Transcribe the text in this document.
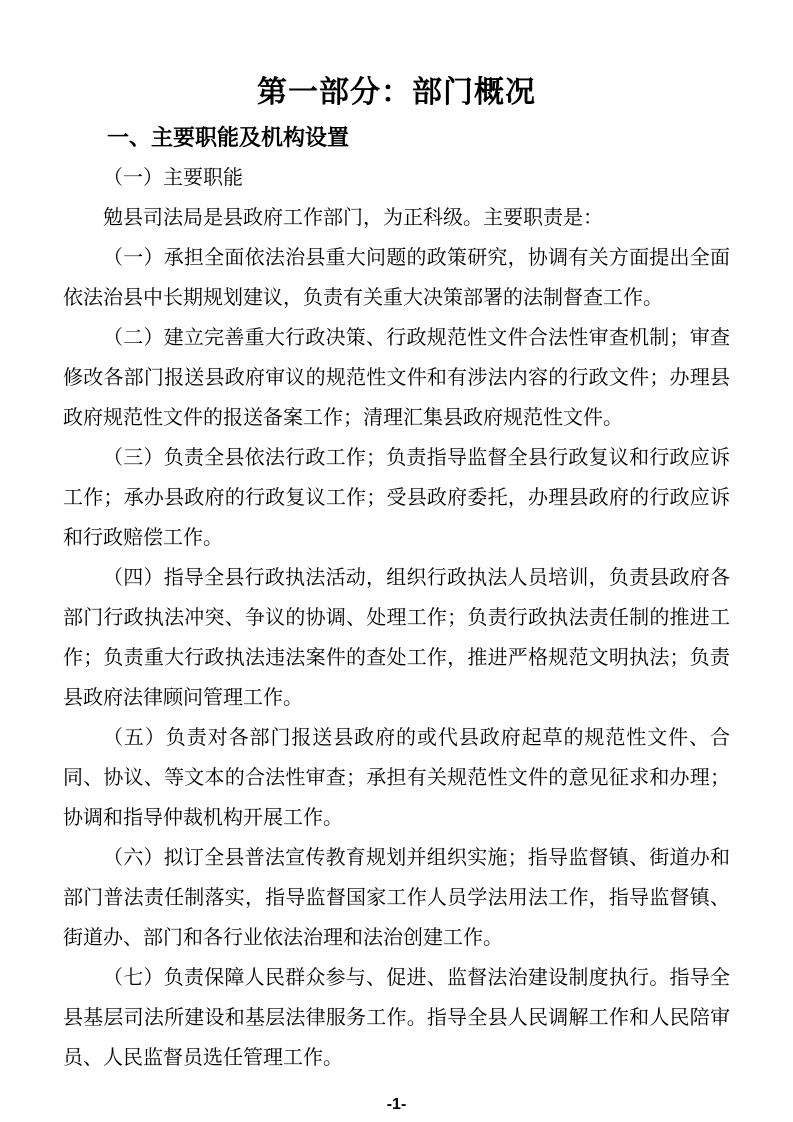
第一部分：部门概况
一、主要职能及机构设置
（一）主要职能

勉县司法局是县政府工作部门，为正科级。主要职责是：

（一）承担全面依法治县重大问题的政策研究，协调有关方面提出全面依法治县中长期规划建议，负责有关重大决策部署的法制督查工作。

（二）建立完善重大行政决策、行政规范性文件合法性审查机制；审查修改各部门报送县政府审议的规范性文件和有涉法内容的行政文件；办理县政府规范性文件的报送备案工作；清理汇集县政府规范性文件。

（三）负责全县依法行政工作；负责指导监督全县行政复议和行政应诉工作；承办县政府的行政复议工作；受县政府委托，办理县政府的行政应诉和行政赔偿工作。

（四）指导全县行政执法活动，组织行政执法人员培训，负责县政府各部门行政执法冲突、争议的协调、处理工作；负责行政执法责任制的推进工作；负责重大行政执法违法案件的查处工作，推进严格规范文明执法；负责县政府法律顾问管理工作。

（五）负责对各部门报送县政府的或代县政府起草的规范性文件、合同、协议、等文本的合法性审查；承担有关规范性文件的意见征求和办理；协调和指导仲裁机构开展工作。

（六）拟订全县普法宣传教育规划并组织实施；指导监督镇、街道办和部门普法责任制落实，指导监督国家工作人员学法用法工作，指导监督镇、街道办、部门和各行业依法治理和法治创建工作。

（七）负责保障人民群众参与、促进、监督法治建设制度执行。指导全县基层司法所建设和基层法律服务工作。指导全县人民调解工作和人民陪审员、人民监督员选任管理工作。

-1-
